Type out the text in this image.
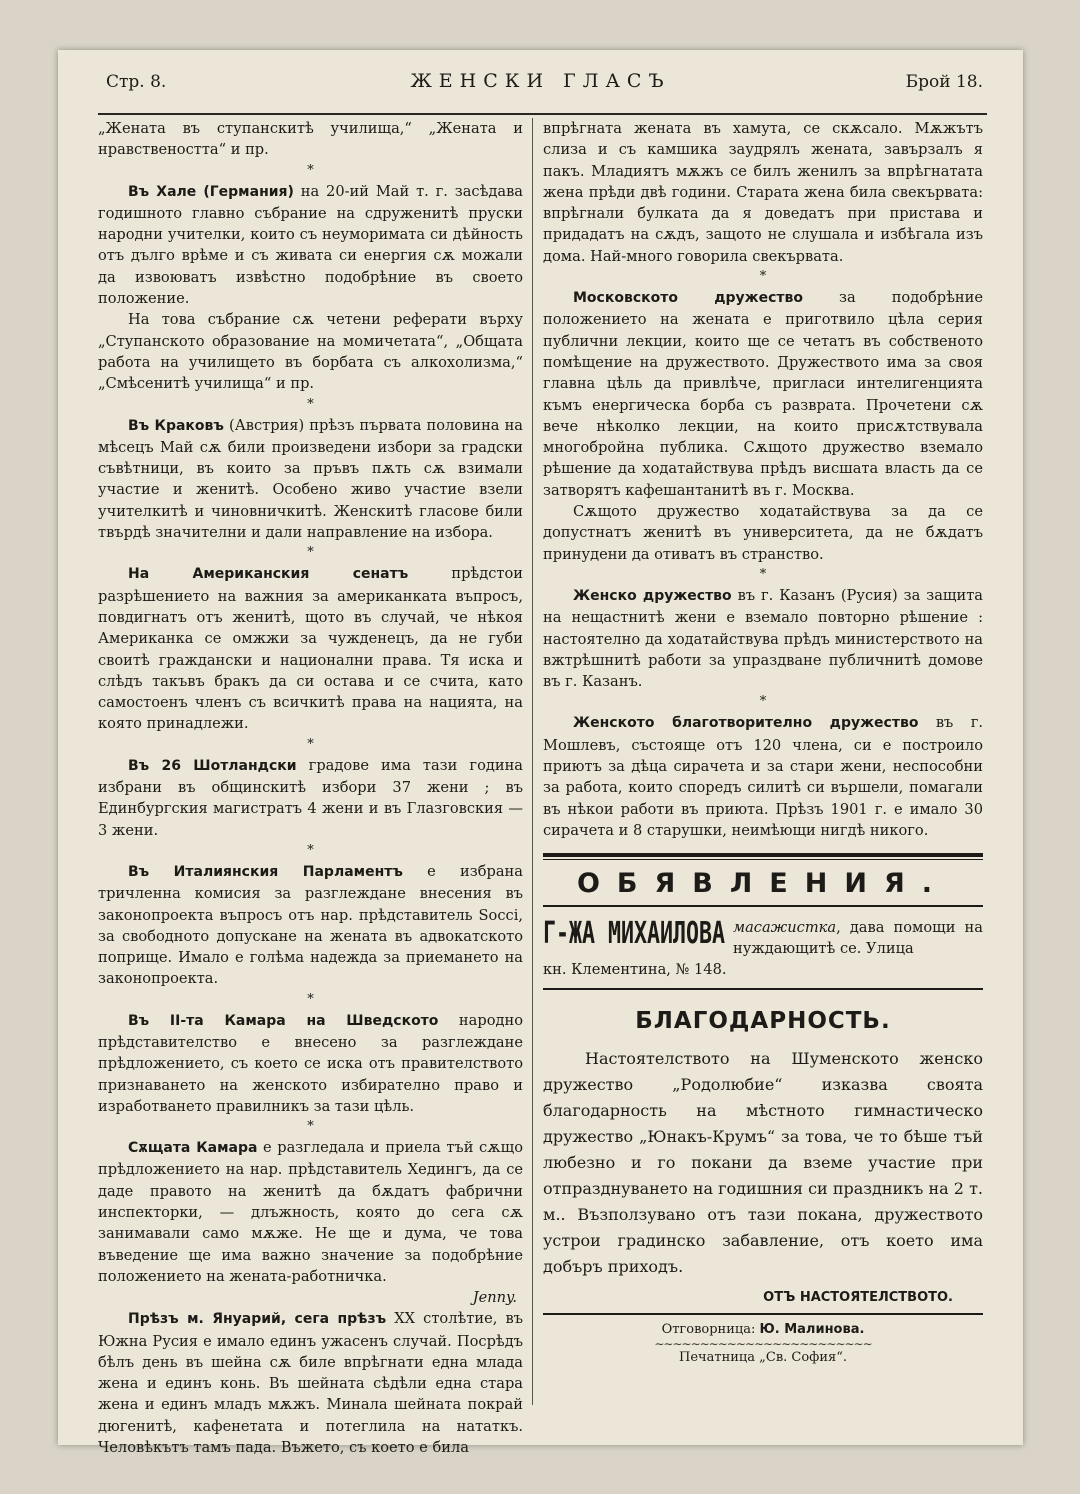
Стр. 8.	ЖЕНСКИ ГЛАСЪ	Брой 18.

„Жената въ ступанскитѣ училища,“ „Жената и нравствеността“ и пр.

*

Въ Хале (Германия) на 20-ий Май т. г. засѣдава годишното главно събрание на сдруженитѣ пруски народни учителки, които съ неуморимата си дѣйность отъ дълго врѣме и съ живата си енергия сѫ можали да извоюватъ извѣстно подобрѣние въ своето положение.

На това събрание сѫ четени реферати върху „Ступанското образование на момичетата“, „Общата работа на училището въ борбата съ алкохолизма,“ „Смѣсенитѣ училища“ и пр.

*

Въ Краковъ (Австрия) прѣзъ първата половина на мѣсецъ Май сѫ били произведени избори за градски съвѣтници, въ които за пръвъ пѫть сѫ взимали участие и женитѣ. Особено живо участие взели учителкитѣ и чиновничкитѣ. Женскитѣ гласове били твърдѣ значителни и дали направление на избора.

*

На Американския сенатъ прѣдстои разрѣшението на важния за американката въпросъ, повдигнатъ отъ женитѣ, щото въ случай, че нѣкоя Американка се омжжи за чужденецъ, да не губи своитѣ граждански и национални права. Тя иска и слѣдъ такъвъ бракъ да си остава и се счита, като самостоенъ членъ съ всичкитѣ права на нацията, на която принадлежи.

*

Въ 26 Шотландски градове има тази година избрани въ общинскитѣ избори 37 жени ; въ Единбургския магистратъ 4 жени и въ Глазговския — 3 жени.

*

Въ Италиянския Парламентъ е избрана тричленна комисия за разглеждане внесения въ законопроекта въпросъ отъ нар. прѣдставитель Socci, за свободното допускане на жената въ адвокатското поприще. Имало е голѣма надежда за приемането на законопроекта.

*

Въ II-та Камара на Шведското народно прѣдставителство е внесено за разглеждане прѣдложението, съ което се иска отъ правителството признаването на женското избирателно право и изработването правилникъ за тази цѣль.

*

Сѫщата Камара е разгледала и приела тъй сѫщо прѣдложението на нар. прѣдставитель Хедингъ, да се даде правото на женитѣ да бѫдатъ фабрични инспекторки, — длъжность, която до сега сѫ занимавали само мѫже. Не ще и дума, че това въведение ще има важно значение за подобрѣние положението на жената-работничка.

Jenny.

Прѣзъ м. Януарий, сега прѣзъ XX столѣтие, въ Южна Русия е имало единъ ужасенъ случай. Посрѣдъ бѣлъ день въ шейна сѫ биле впрѣгнати една млада жена и единъ конь. Въ шейната сѣдѣли една стара жена и единъ младъ мѫжъ. Минала шейната покрай дюгенитѣ, кафенетата и потеглила на нататкъ. Человѣкътъ тамъ пада. Въжето, съ което е била

впрѣгната жената въ хамута, се скѫсало. Мѫжътъ слиза и съ камшика заудрялъ жената, завързалъ я пакъ. Младиятъ мѫжъ се билъ женилъ за впрѣгнатата жена прѣди двѣ години. Старата жена била свекървата: впрѣгнали булката да я доведатъ при пристава и придадатъ на сѫдъ, защото не слушала и избѣгала изъ дома. Най-много говорила свекървата.

*

Московското дружество за подобрѣние положението на жената е приготвило цѣла серия публични лекции, които ще се четатъ въ собственото помѣщение на дружеството. Дружеството има за своя главна цѣль да привлѣче, пригласи интелигенцията къмъ енергическа борба съ разврата. Прочетени сѫ вече нѣколко лекции, на които присѫтствувала многобройна публика. Сѫщото дружество вземало рѣшение да ходатайствува прѣдъ висшата власть да се затворятъ кафешантанитѣ въ г. Москва.

Сѫщото дружество ходатайствува за да се допустнатъ женитѣ въ университета, да не бѫдатъ принудени да отиватъ въ странство.

*

Женско дружество въ г. Казанъ (Русия) за защита на нещастнитѣ жени е вземало повторно рѣшение : настоятелно да ходатайствува прѣдъ министерството на вжтрѣшнитѣ работи за упраздване публичнитѣ домове въ г. Казанъ.

*

Женското благотворително дружество въ г. Мошлевъ, състояще отъ 120 члена, си е построило приютъ за дѣца сирачета и за стари жени, неспособни за работа, които споредъ силитѣ си вършели, помагали въ нѣкои работи въ приюта. Прѣзъ 1901 г. е имало 30 сирачета и 8 старушки, неимѣющи нигдѣ никого.

ОБЯВЛЕНИЯ.
Г-ЖА МИХАИЛОВА масажистка, дава помощи на нуждающитѣ се. Улица

кн. Клементина, № 148.

БЛАГОДАРНОСТЬ.

Настоятелството на Шуменското женско дружество „Родолюбие“ изказва своята благодарность на мѣстното гимнастическо дружество „Юнакъ-Крумъ“ за това, че то бѣше тъй любезно и го покани да вземе участие при отпразднуването на годишния си праздникъ на 2 т. м.. Възползувано отъ тази покана, дружеството устрои градинско забавление, отъ което има добъръ приходъ.

ОТЪ НАСТОЯТЕЛСТВОТО.
Отговорница: Ю. Малинова.
∼∼∼∼∼∼∼∼∼∼∼∼∼∼∼∼∼∼∼∼∼∼∼∼
Печатница „Св. София“.
